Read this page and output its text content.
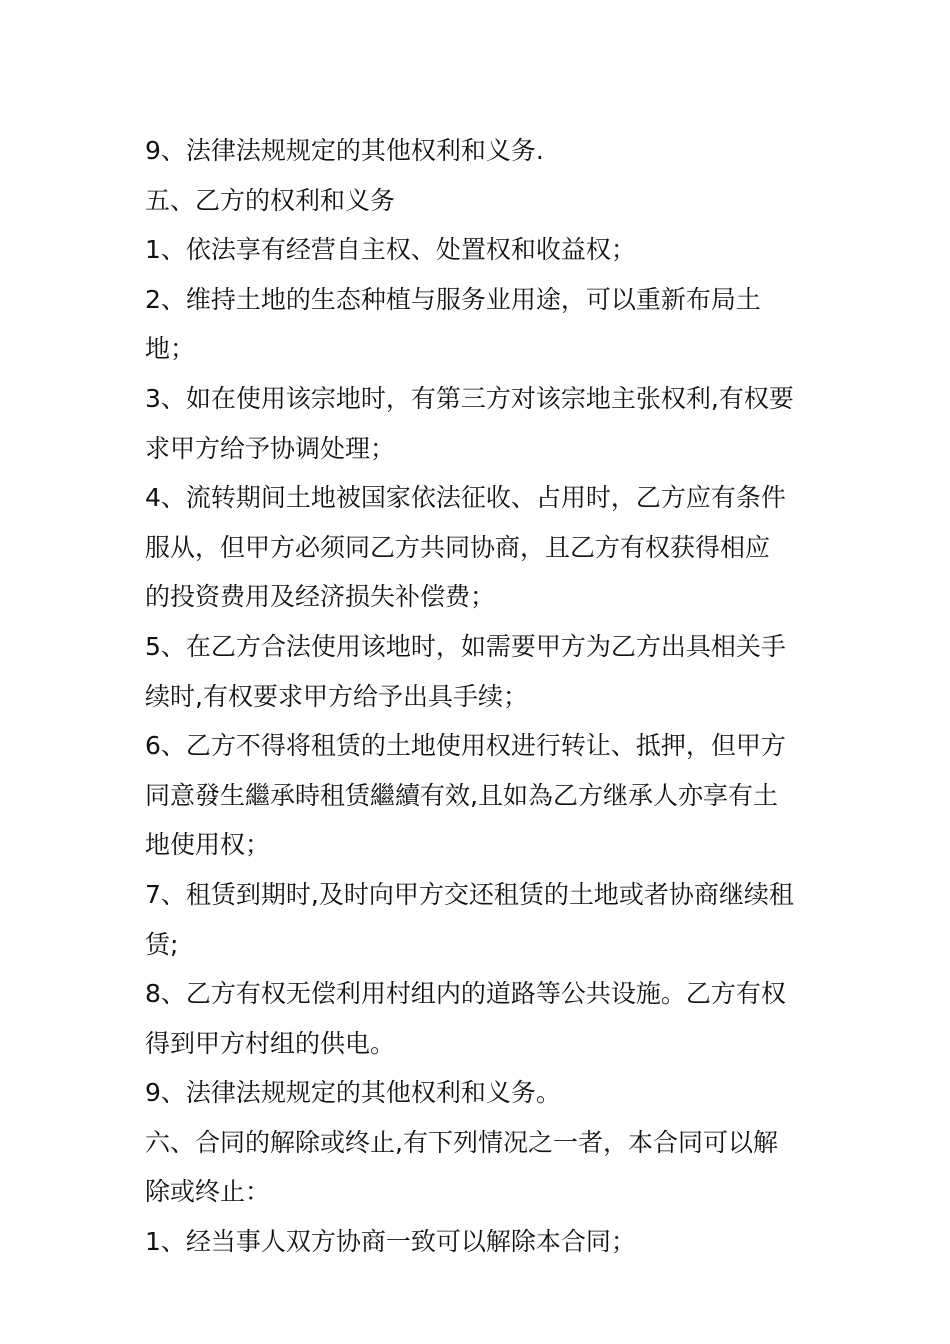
9、法律法规规定的其他权利和义务.

五、乙方的权利和义务

1、依法享有经营自主权、处置权和收益权；

2、维持土地的生态种植与服务业用途，可以重新布局土地；

3、如在使用该宗地时，有第三方对该宗地主张权利,有权要

求甲方给予协调处理；

4、流转期间土地被国家依法征收、占用时，乙方应有条件

服从，但甲方必须同乙方共同协商，且乙方有权获得相应

的投资费用及经济损失补偿费；

5、在乙方合法使用该地时，如需要甲方为乙方出具相关手

续时,有权要求甲方给予出具手续；

6、乙方不得将租赁的土地使用权进行转让、抵押，但甲方

同意發生繼承時租赁繼續有效,且如為乙方继承人亦享有土

地使用权；

7、租赁到期时,及时向甲方交还租赁的土地或者协商继续租

赁;

8、乙方有权无偿利用村组内的道路等公共设施。乙方有权

得到甲方村组的供电。

9、法律法规规定的其他权利和义务。

六、合同的解除或终止,有下列情况之一者，本合同可以解

除或终止：

1、经当事人双方协商一致可以解除本合同；
